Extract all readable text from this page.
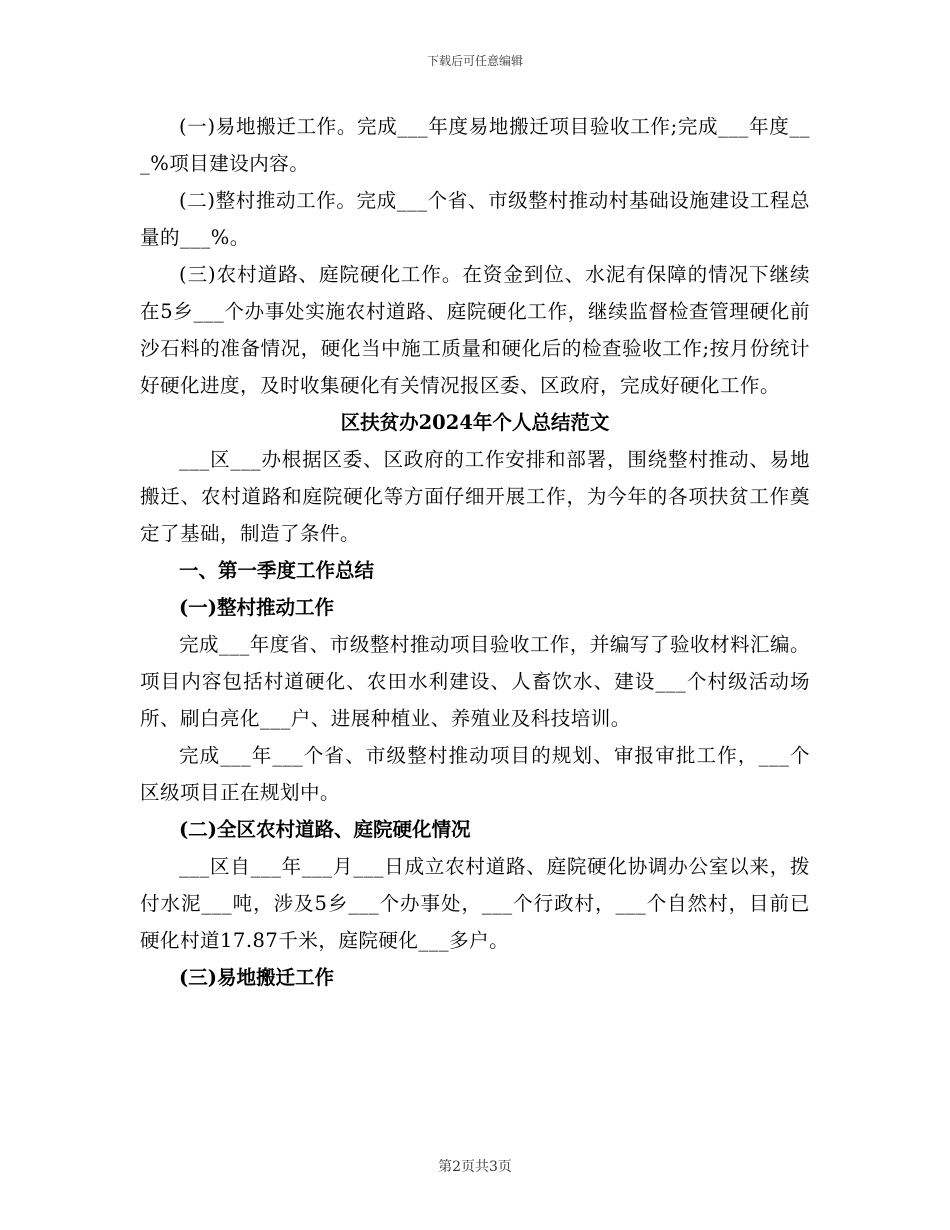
下载后可任意编辑

(一)易地搬迁工作。完成___年度易地搬迁项目验收工作;完成___年度___%项目建设内容。

(二)整村推动工作。完成___个省、市级整村推动村基础设施建设工程总量的___%。

(三)农村道路、庭院硬化工作。在资金到位、水泥有保障的情况下继续在5乡___个办事处实施农村道路、庭院硬化工作，继续监督检查管理硬化前沙石料的准备情况，硬化当中施工质量和硬化后的检查验收工作;按月份统计好硬化进度，及时收集硬化有关情况报区委、区政府，完成好硬化工作。

区扶贫办2024年个人总结范文

___区___办根据区委、区政府的工作安排和部署，围绕整村推动、易地搬迁、农村道路和庭院硬化等方面仔细开展工作，为今年的各项扶贫工作奠定了基础，制造了条件。

一、第一季度工作总结

(一)整村推动工作

完成___年度省、市级整村推动项目验收工作，并编写了验收材料汇编。项目内容包括村道硬化、农田水利建设、人畜饮水、建设___个村级活动场所、刷白亮化___户、进展种植业、养殖业及科技培训。

完成___年___个省、市级整村推动项目的规划、审报审批工作，___个区级项目正在规划中。

(二)全区农村道路、庭院硬化情况

___区自___年___月___日成立农村道路、庭院硬化协调办公室以来，拨付水泥___吨，涉及5乡___个办事处，___个行政村，___个自然村，目前已硬化村道17.87千米，庭院硬化___多户。

(三)易地搬迁工作

第2页共3页
